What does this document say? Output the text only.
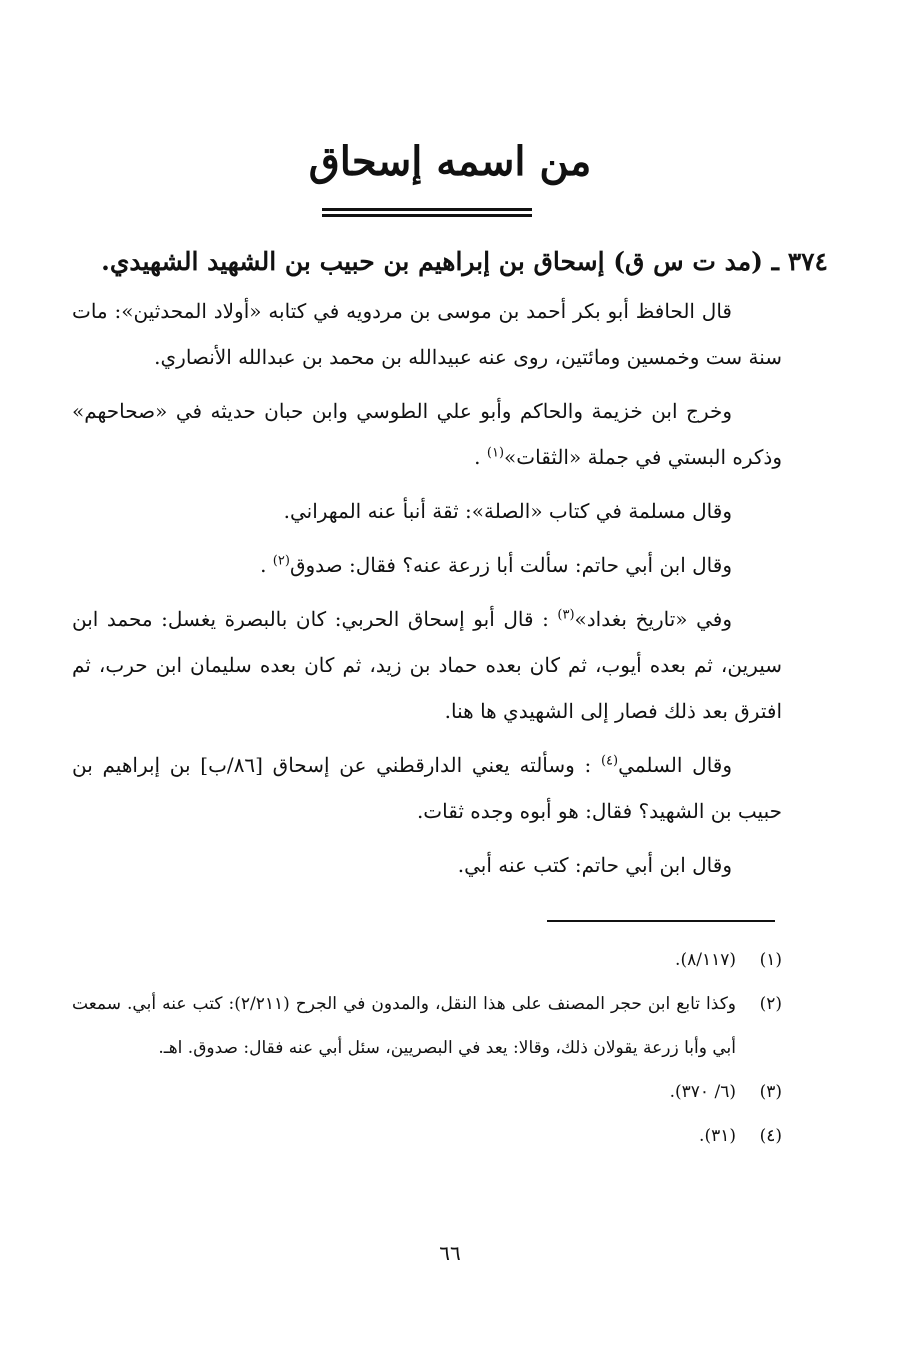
من اسمه إسحاق
٣٧٤ ـ (مد ت س ق) إسحاق بن إبراهيم بن حبيب بن الشهيد الشهيدي.

قال الحافظ أبو بكر أحمد بن موسى بن مردويه في كتابه «أولاد المحدثين»: مات سنة ست وخمسين ومائتين، روى عنه عبيدالله بن محمد بن عبدالله الأنصاري.

وخرج ابن خزيمة والحاكم وأبو علي الطوسي وابن حبان حديثه في «صحاحهم» وذكره البستي في جملة «الثقات»$^{(١)}$ .

وقال مسلمة في كتاب «الصلة»: ثقة أنبأ عنه المهراني.

وقال ابن أبي حاتم: سألت أبا زرعة عنه؟ فقال: صدوق$^{(٢)}$ .

وفي «تاريخ بغداد»$^{(٣)}$ : قال أبو إسحاق الحربي: كان بالبصرة يغسل: محمد ابن سيرين، ثم بعده أيوب، ثم كان بعده حماد بن زيد، ثم كان بعده سليمان ابن حرب، ثم افترق بعد ذلك فصار إلى الشهيدي ها هنا.

وقال السلمي$^{(٤)}$ : وسألته يعني الدارقطني عن إسحاق [٨٦/ب] بن إبراهيم بن حبيب بن الشهيد؟ فقال: هو أبوه وجده ثقات.

وقال ابن أبي حاتم: كتب عنه أبي.

(١)
(٨/١١٧).
(٢)
وكذا تابع ابن حجر المصنف على هذا النقل، والمدون في الجرح (٢/٢١١): كتب عنه أبي. سمعت أبي وأبا زرعة يقولان ذلك، وقالا: يعد في البصريين، سئل أبي عنه فقال: صدوق. اهـ.
(٣)
(٦/ ٣٧٠).
(٤)
(٣١).
٦٦
